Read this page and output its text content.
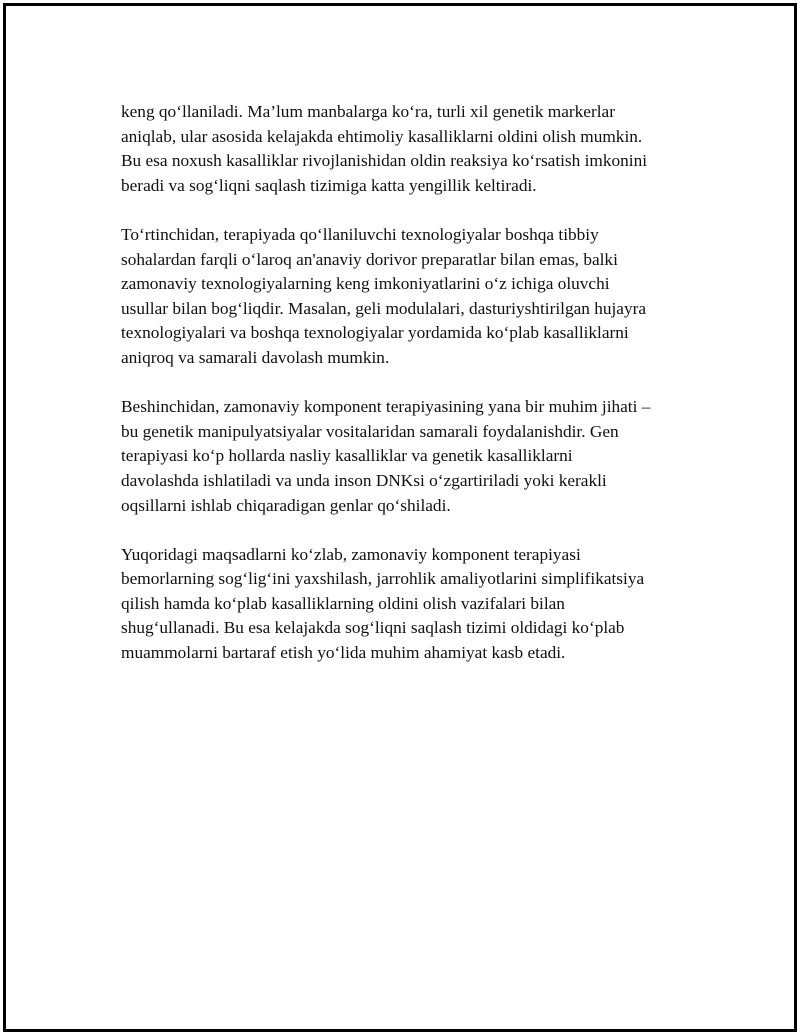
keng qo‘llaniladi. Ma’lum manbalarga ko‘ra, turli xil genetik markerlar
aniqlab, ular asosida kelajakda ehtimoliy kasalliklarni oldini olish mumkin.
Bu esa noxush kasalliklar rivojlanishidan oldin reaksiya ko‘rsatish imkonini
beradi va sog‘liqni saqlash tizimiga katta yengillik keltiradi.

To‘rtinchidan, terapiyada qo‘llaniluvchi texnologiyalar boshqa tibbiy
sohalardan farqli o‘laroq an'anaviy dorivor preparatlar bilan emas, balki
zamonaviy texnologiyalarning keng imkoniyatlarini o‘z ichiga oluvchi
usullar bilan bog‘liqdir. Masalan, geli modulalari, dasturiyshtirilgan hujayra
texnologiyalari va boshqa texnologiyalar yordamida ko‘plab kasalliklarni
aniqroq va samarali davolash mumkin.

Beshinchidan, zamonaviy komponent terapiyasining yana bir muhim jihati –
bu genetik manipulyatsiyalar vositalaridan samarali foydalanishdir. Gen
terapiyasi ko‘p hollarda nasliy kasalliklar va genetik kasalliklarni
davolashda ishlatiladi va unda inson DNKsi o‘zgartiriladi yoki kerakli
oqsillarni ishlab chiqaradigan genlar qo‘shiladi.

Yuqoridagi maqsadlarni ko‘zlab, zamonaviy komponent terapiyasi
bemorlarning sog‘lig‘ini yaxshilash, jarrohlik amaliyotlarini simplifikatsiya
qilish hamda ko‘plab kasalliklarning oldini olish vazifalari bilan
shug‘ullanadi. Bu esa kelajakda sog‘liqni saqlash tizimi oldidagi ko‘plab
muammolarni bartaraf etish yo‘lida muhim ahamiyat kasb etadi.
